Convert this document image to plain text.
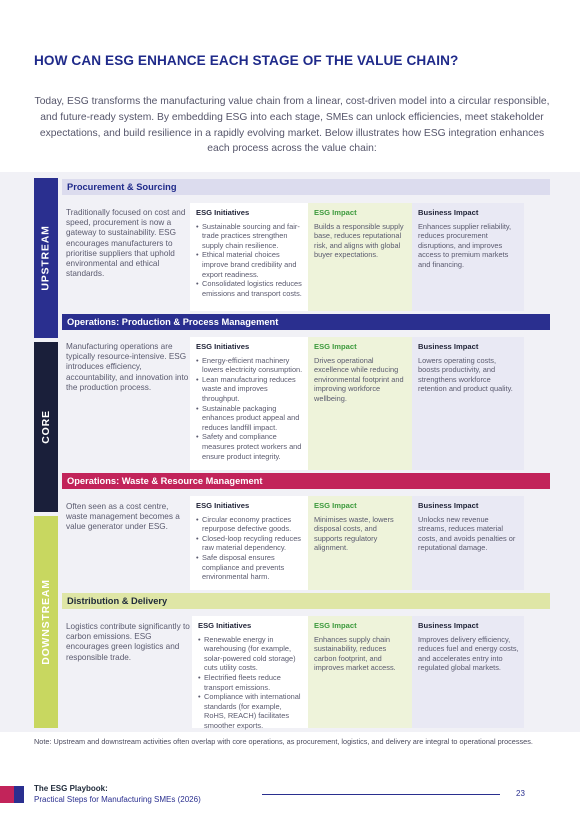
HOW CAN ESG ENHANCE EACH STAGE OF THE VALUE CHAIN?
Today, ESG transforms the manufacturing value chain from a linear, cost-driven model into a circular responsible, and future-ready system. By embedding ESG into each stage, SMEs can unlock efficiencies, meet stakeholder expectations, and build resilience in a rapidly evolving market. Below illustrates how ESG integration enhances each process across the value chain:
UPSTREAM
CORE
DOWNSTREAM
Procurement & Sourcing
Traditionally focused on cost and speed, procurement is now a gateway to sustainability. ESG encourages manufacturers to prioritise suppliers that uphold environmental and ethical standards.
ESG Initiatives
• Sustainable sourcing and fair-trade practices strengthen supply chain resilience.
• Ethical material choices improve brand credibility and export readiness.
• Consolidated logistics reduces emissions and transport costs.
ESG Impact
Builds a responsible supply base, reduces reputational risk, and aligns with global buyer expectations.
Business Impact
Enhances supplier reliability, reduces procurement disruptions, and improves access to premium markets and financing.
Operations: Production & Process Management
Manufacturing operations are typically resource-intensive. ESG introduces efficiency, accountability, and innovation into the production process.
ESG Initiatives
• Energy-efficient machinery lowers electricity consumption.
• Lean manufacturing reduces waste and improves throughput.
• Sustainable packaging enhances product appeal and reduces landfill impact.
• Safety and compliance measures protect workers and ensure product integrity.
ESG Impact
Drives operational excellence while reducing environmental footprint and improving workforce wellbeing.
Business Impact
Lowers operating costs, boosts productivity, and strengthens workforce retention and product quality.
Operations: Waste & Resource Management
Often seen as a cost centre, waste management becomes a value generator under ESG.
ESG Initiatives
• Circular economy practices repurpose defective goods.
• Closed-loop recycling reduces raw material dependency.
• Safe disposal ensures compliance and prevents environmental harm.
ESG Impact
Minimises waste, lowers disposal costs, and supports regulatory alignment.
Business Impact
Unlocks new revenue streams, reduces material costs, and avoids penalties or reputational damage.
Distribution & Delivery
Logistics contribute significantly to carbon emissions. ESG encourages green logistics and responsible trade.
ESG Initiatives
• Renewable energy in warehousing (for example, solar-powered cold storage) cuts utility costs.
• Electrified fleets reduce transport emissions.
• Compliance with international standards (for example, RoHS, REACH) facilitates smoother exports.
ESG Impact
Enhances supply chain sustainability, reduces carbon footprint, and improves market access.
Business Impact
Improves delivery efficiency, reduces fuel and energy costs, and accelerates entry into regulated global markets.
Note: Upstream and downstream activities often overlap with core operations, as procurement, logistics, and delivery are integral to operational processes.
The ESG Playbook:
Practical Steps for Manufacturing SMEs (2026)
23
